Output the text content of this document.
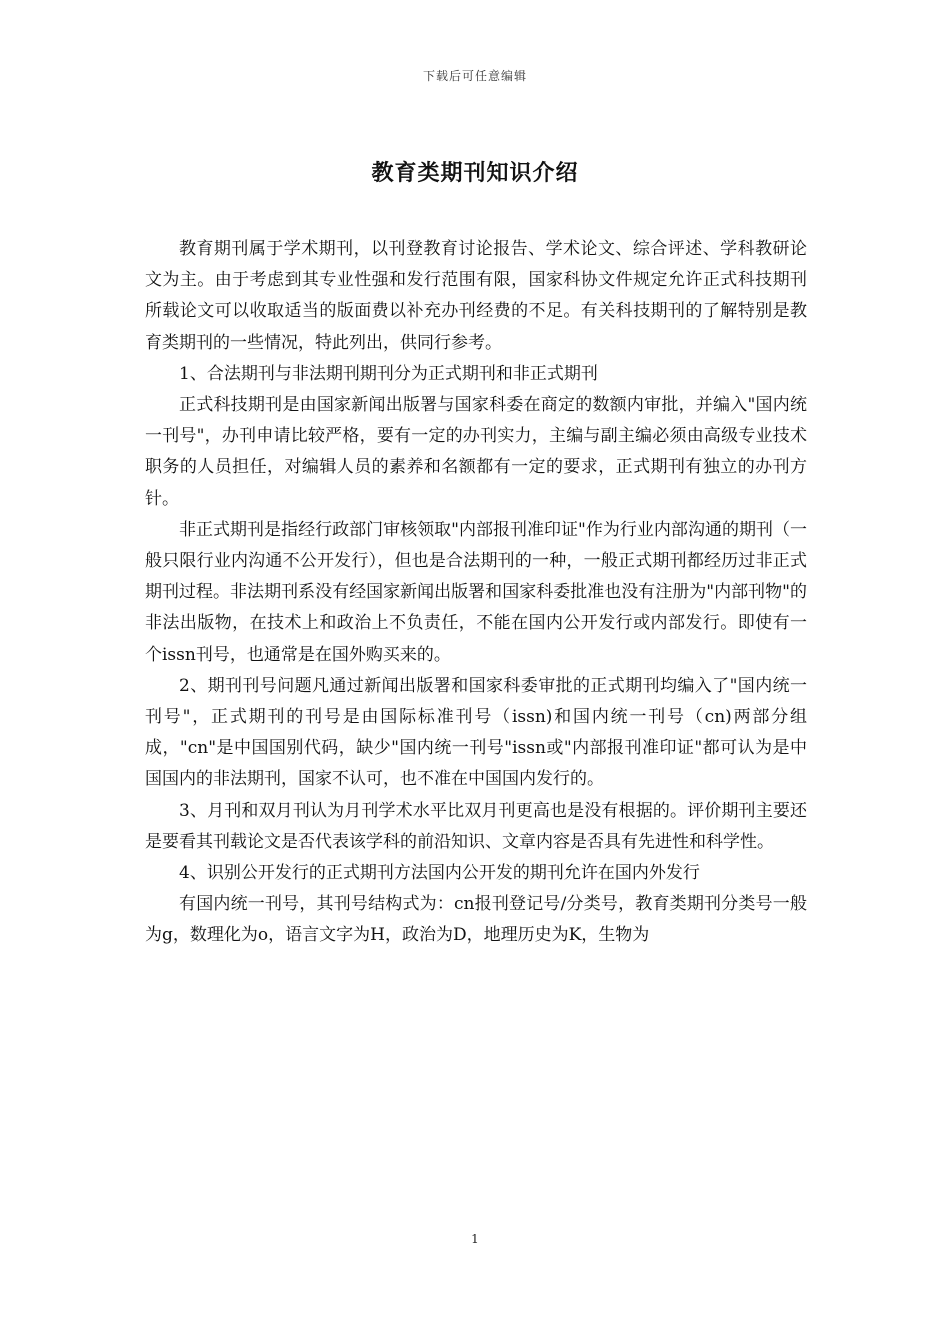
下载后可任意编辑
教育类期刊知识介绍

教育期刊属于学术期刊，以刊登教育讨论报告、学术论文、综合评述、学科教研论文为主。由于考虑到其专业性强和发行范围有限，国家科协文件规定允许正式科技期刊所载论文可以收取适当的版面费以补充办刊经费的不足。有关科技期刊的了解特别是教育类期刊的一些情况，特此列出，供同行参考。

1、合法期刊与非法期刊期刊分为正式期刊和非正式期刊

正式科技期刊是由国家新闻出版署与国家科委在商定的数额内审批，并编入"国内统一刊号"，办刊申请比较严格，要有一定的办刊实力，主编与副主编必须由高级专业技术职务的人员担任，对编辑人员的素养和名额都有一定的要求，正式期刊有独立的办刊方针。

非正式期刊是指经行政部门审核领取"内部报刊准印证"作为行业内部沟通的期刊（一般只限行业内沟通不公开发行），但也是合法期刊的一种，一般正式期刊都经历过非正式期刊过程。非法期刊系没有经国家新闻出版署和国家科委批准也没有注册为"内部刊物"的非法出版物，在技术上和政治上不负责任，不能在国内公开发行或内部发行。即使有一个issn刊号，也通常是在国外购买来的。

2、期刊刊号问题凡通过新闻出版署和国家科委审批的正式期刊均编入了"国内统一刊号"，正式期刊的刊号是由国际标准刊号（issn)和国内统一刊号（cn)两部分组成，"cn"是中国国别代码，缺少"国内统一刊号"issn或"内部报刊准印证"都可认为是中国国内的非法期刊，国家不认可，也不准在中国国内发行的。

3、月刊和双月刊认为月刊学术水平比双月刊更高也是没有根据的。评价期刊主要还是要看其刊载论文是否代表该学科的前沿知识、文章内容是否具有先进性和科学性。

4、识别公开发行的正式期刊方法国内公开发的期刊允许在国内外发行

有国内统一刊号，其刊号结构式为：cn报刊登记号/分类号，教育类期刊分类号一般为g，数理化为o，语言文字为H，政治为D，地理历史为K，生物为

1
